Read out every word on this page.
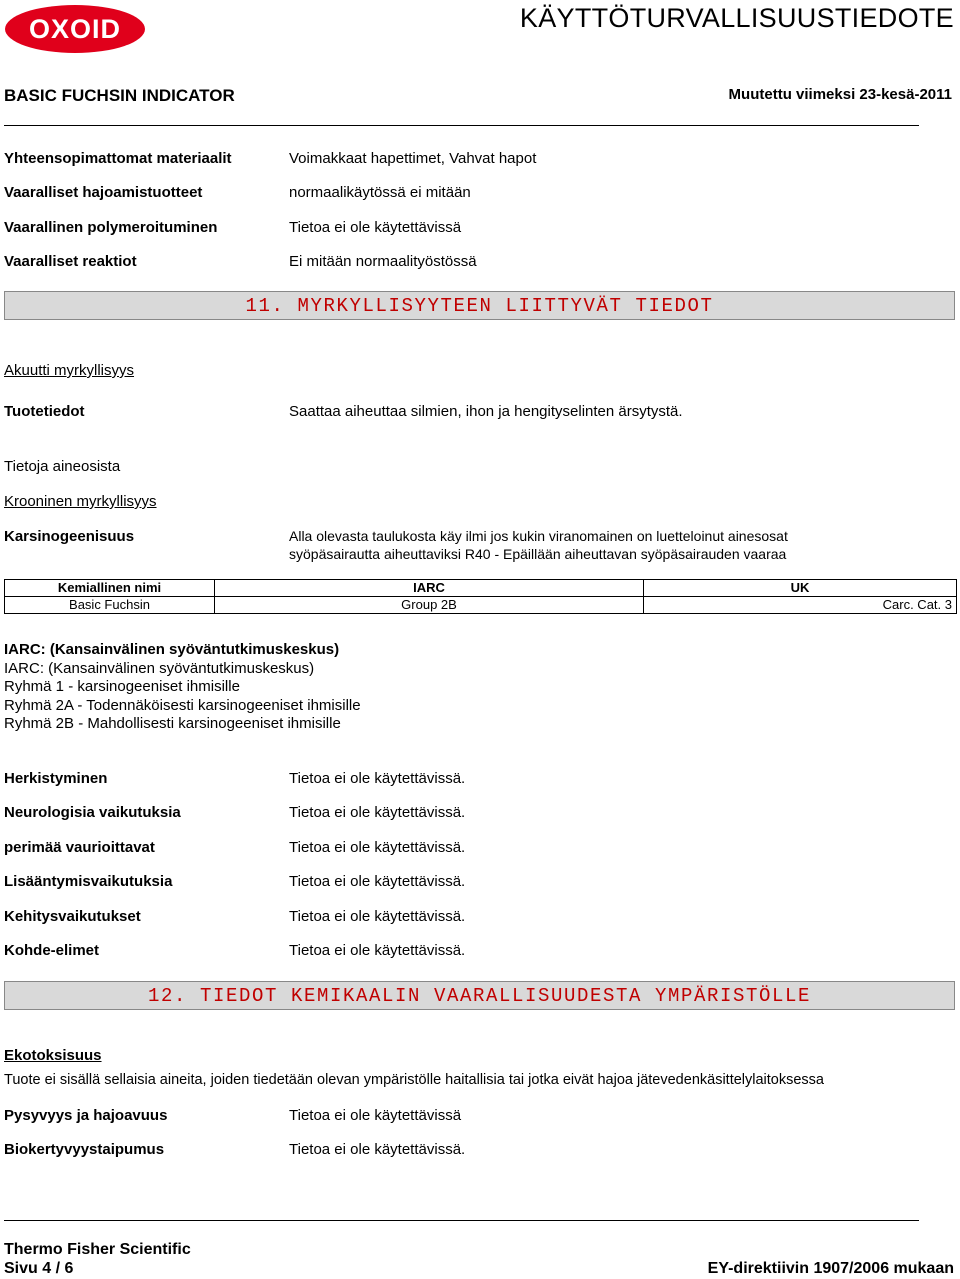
OXOID	KÄYTTÖTURVALLISUUSTIEDOTE
BASIC FUCHSIN INDICATOR	Muutettu viimeksi 23-kesä-2011
Yhteensopimattomat materiaalit	Voimakkaat hapettimet, Vahvat hapot
Vaaralliset hajoamistuotteet	normaalikäytössä ei mitään
Vaarallinen polymeroituminen	Tietoa ei ole käytettävissä
Vaaralliset reaktiot	Ei mitään normaalityöstössä
11. MYRKYLLISYYTEEN LIITTYVÄT TIEDOT
Akuutti myrkyllisyys
Tuotetiedot	Saattaa aiheuttaa silmien, ihon ja hengityselinten ärsytystä.
Tietoja aineosista
Krooninen myrkyllisyys
Karsinogeenisuus	Alla olevasta taulukosta käy ilmi jos kukin viranomainen on luetteloinut ainesosat
syöpäsairautta aiheuttaviksi R40 - Epäillään aiheuttavan syöpäsairauden vaaraa
Kemiallinen nimi	IARC	UK
Basic Fuchsin	Group 2B	Carc. Cat. 3
IARC: (Kansainvälinen syöväntutkimuskeskus)
IARC: (Kansainvälinen syöväntutkimuskeskus)
Ryhmä 1 - karsinogeeniset ihmisille
Ryhmä 2A - Todennäköisesti karsinogeeniset ihmisille
Ryhmä 2B - Mahdollisesti karsinogeeniset ihmisille
Herkistyminen	Tietoa ei ole käytettävissä.
Neurologisia vaikutuksia	Tietoa ei ole käytettävissä.
perimää vaurioittavat	Tietoa ei ole käytettävissä.
Lisääntymisvaikutuksia	Tietoa ei ole käytettävissä.
Kehitysvaikutukset	Tietoa ei ole käytettävissä.
Kohde-elimet	Tietoa ei ole käytettävissä.
12. TIEDOT KEMIKAALIN VAARALLISUUDESTA YMPÄRISTÖLLE
Ekotoksisuus
Tuote ei sisällä sellaisia aineita, joiden tiedetään olevan ympäristölle haitallisia tai jotka eivät hajoa jätevedenkäsittelylaitoksessa
Pysyvyys ja hajoavuus	Tietoa ei ole käytettävissä
Biokertyvyystaipumus	Tietoa ei ole käytettävissä.
Thermo Fisher Scientific
Sivu 4 / 6	EY-direktiivin 1907/2006 mukaan
